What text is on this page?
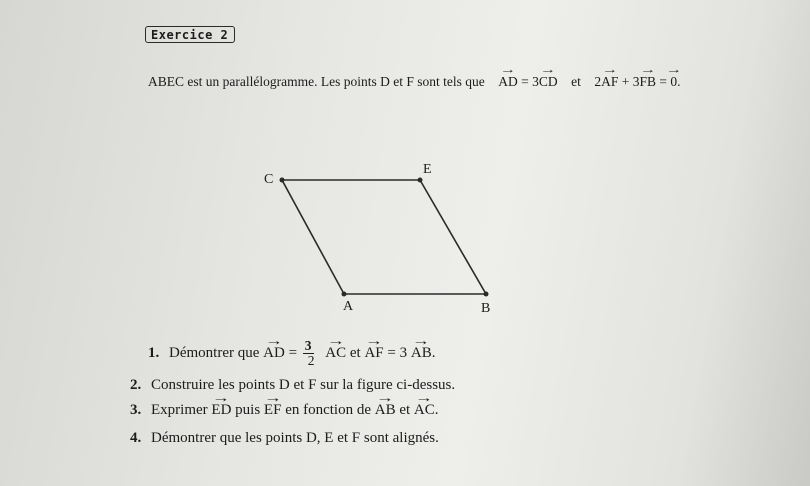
Exercice 2
ABEC est un parallélogramme. Les points D et F sont tels que → AD = 3→ CD et 2→ AF + 3→ FB = → 0.
C
E
A	B
1. Démontrer que → AD = $\frac{3}{2}$ → AC et → AF = 3 → AB.
2. Construire les points D et F sur la figure ci-dessus.
3. Exprimer → ED puis → EF en fonction de → AB et → AC.
4. Démontrer que les points D, E et F sont alignés.
